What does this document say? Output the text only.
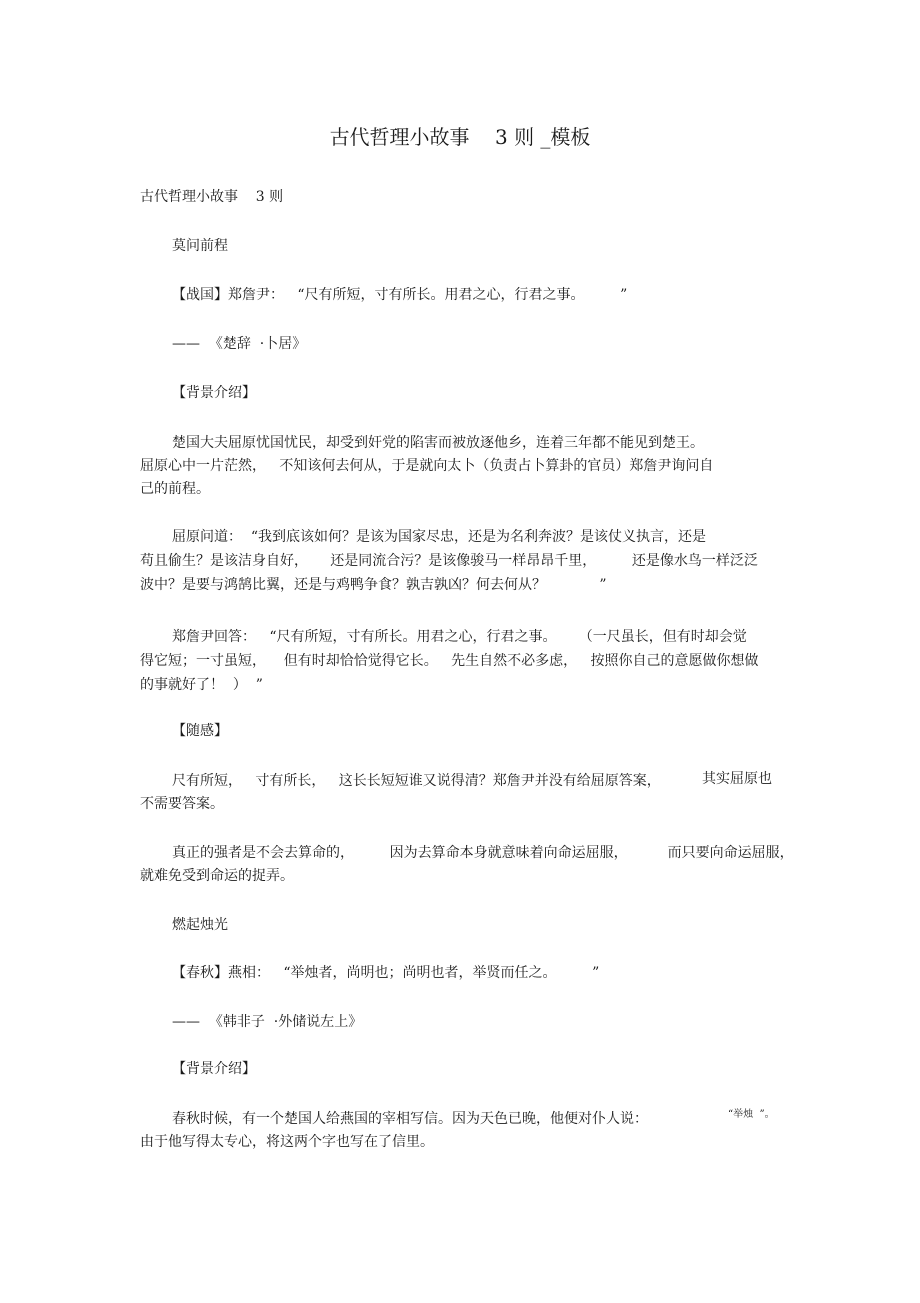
古代哲理小故事    3 则 _模板
古代哲理小故事    3 则
莫问前程
【战国】郑詹尹：   “尺有所短，寸有所长。用君之心，行君之事。        ”
——  《楚辞  ·卜居》
【背景介绍】
楚国大夫屈原忧国忧民，却受到奸党的陷害而被放逐他乡，连着三年都不能见到楚王。
屈原心中一片茫然，   不知该何去何从，于是就向太卜（负责占卜算卦的官员）郑詹尹询问自
己的前程。
屈原问道：  “我到底该如何？是该为国家尽忠，还是为名利奔波？是该仗义执言，还是
苟且偷生？是该洁身自好，     还是同流合污？是该像骏马一样昂昂千里，        还是像水鸟一样泛泛
波中？是要与鸿鹄比翼，还是与鸡鸭争食？孰吉孰凶？何去何从？            ”
郑詹尹回答：   “尺有所短，寸有所长。用君之心，行君之事。     （一尺虽长，但有时却会觉
得它短；一寸虽短，    但有时却恰恰觉得它长。   先生自然不必多虑，   按照你自己的意愿做你想做
的事就好了！  ）  ”
【随感】
尺有所短，   寸有所长，   这长长短短谁又说得清？郑詹尹并没有给屈原答案，	其实屈原也
不需要答案。
真正的强者是不会去算命的，        因为去算命本身就意味着向命运屈服，         而只要向命运屈服，
就难免受到命运的捉弄。
燃起烛光
【春秋】燕相：   “举烛者，尚明也；尚明也者，举贤而任之。        ”
——  《韩非子  ·外储说左上》
【背景介绍】
春秋时候，有一个楚国人给燕国的宰相写信。因为天色已晚，他便对仆人说：	“举烛  ”。
由于他写得太专心，将这两个字也写在了信里。
